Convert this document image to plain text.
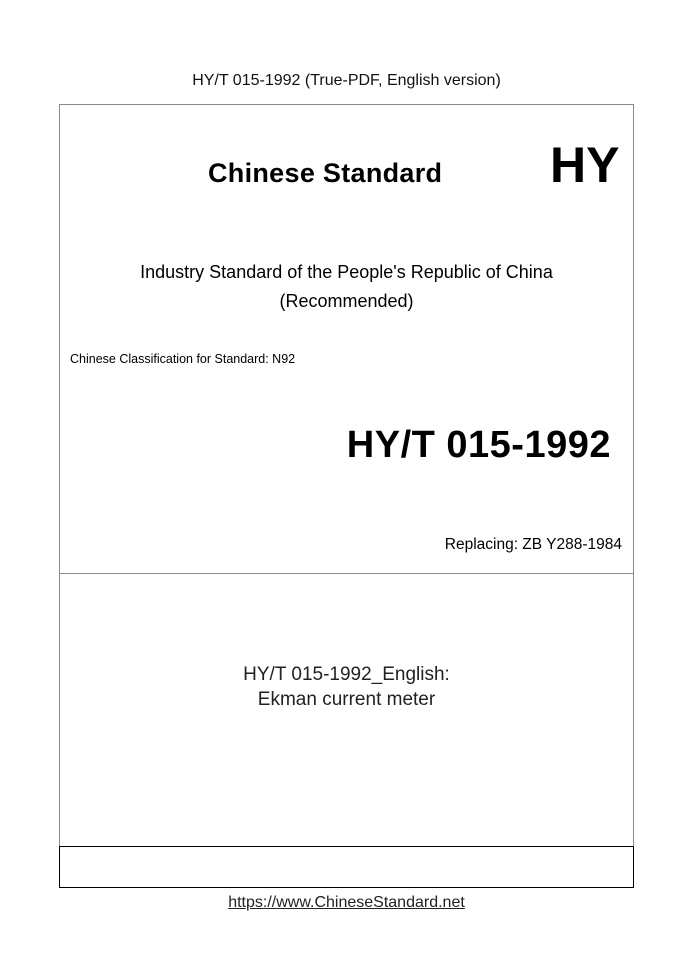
HY/T 015-1992 (True-PDF, English version)
Chinese Standard HY
Industry Standard of the People's Republic of China
(Recommended)
Chinese Classification for Standard: N92
HY/T 015-1992
Replacing: ZB Y288-1984
HY/T 015-1992_English:
Ekman current meter
https://www.ChineseStandard.net
